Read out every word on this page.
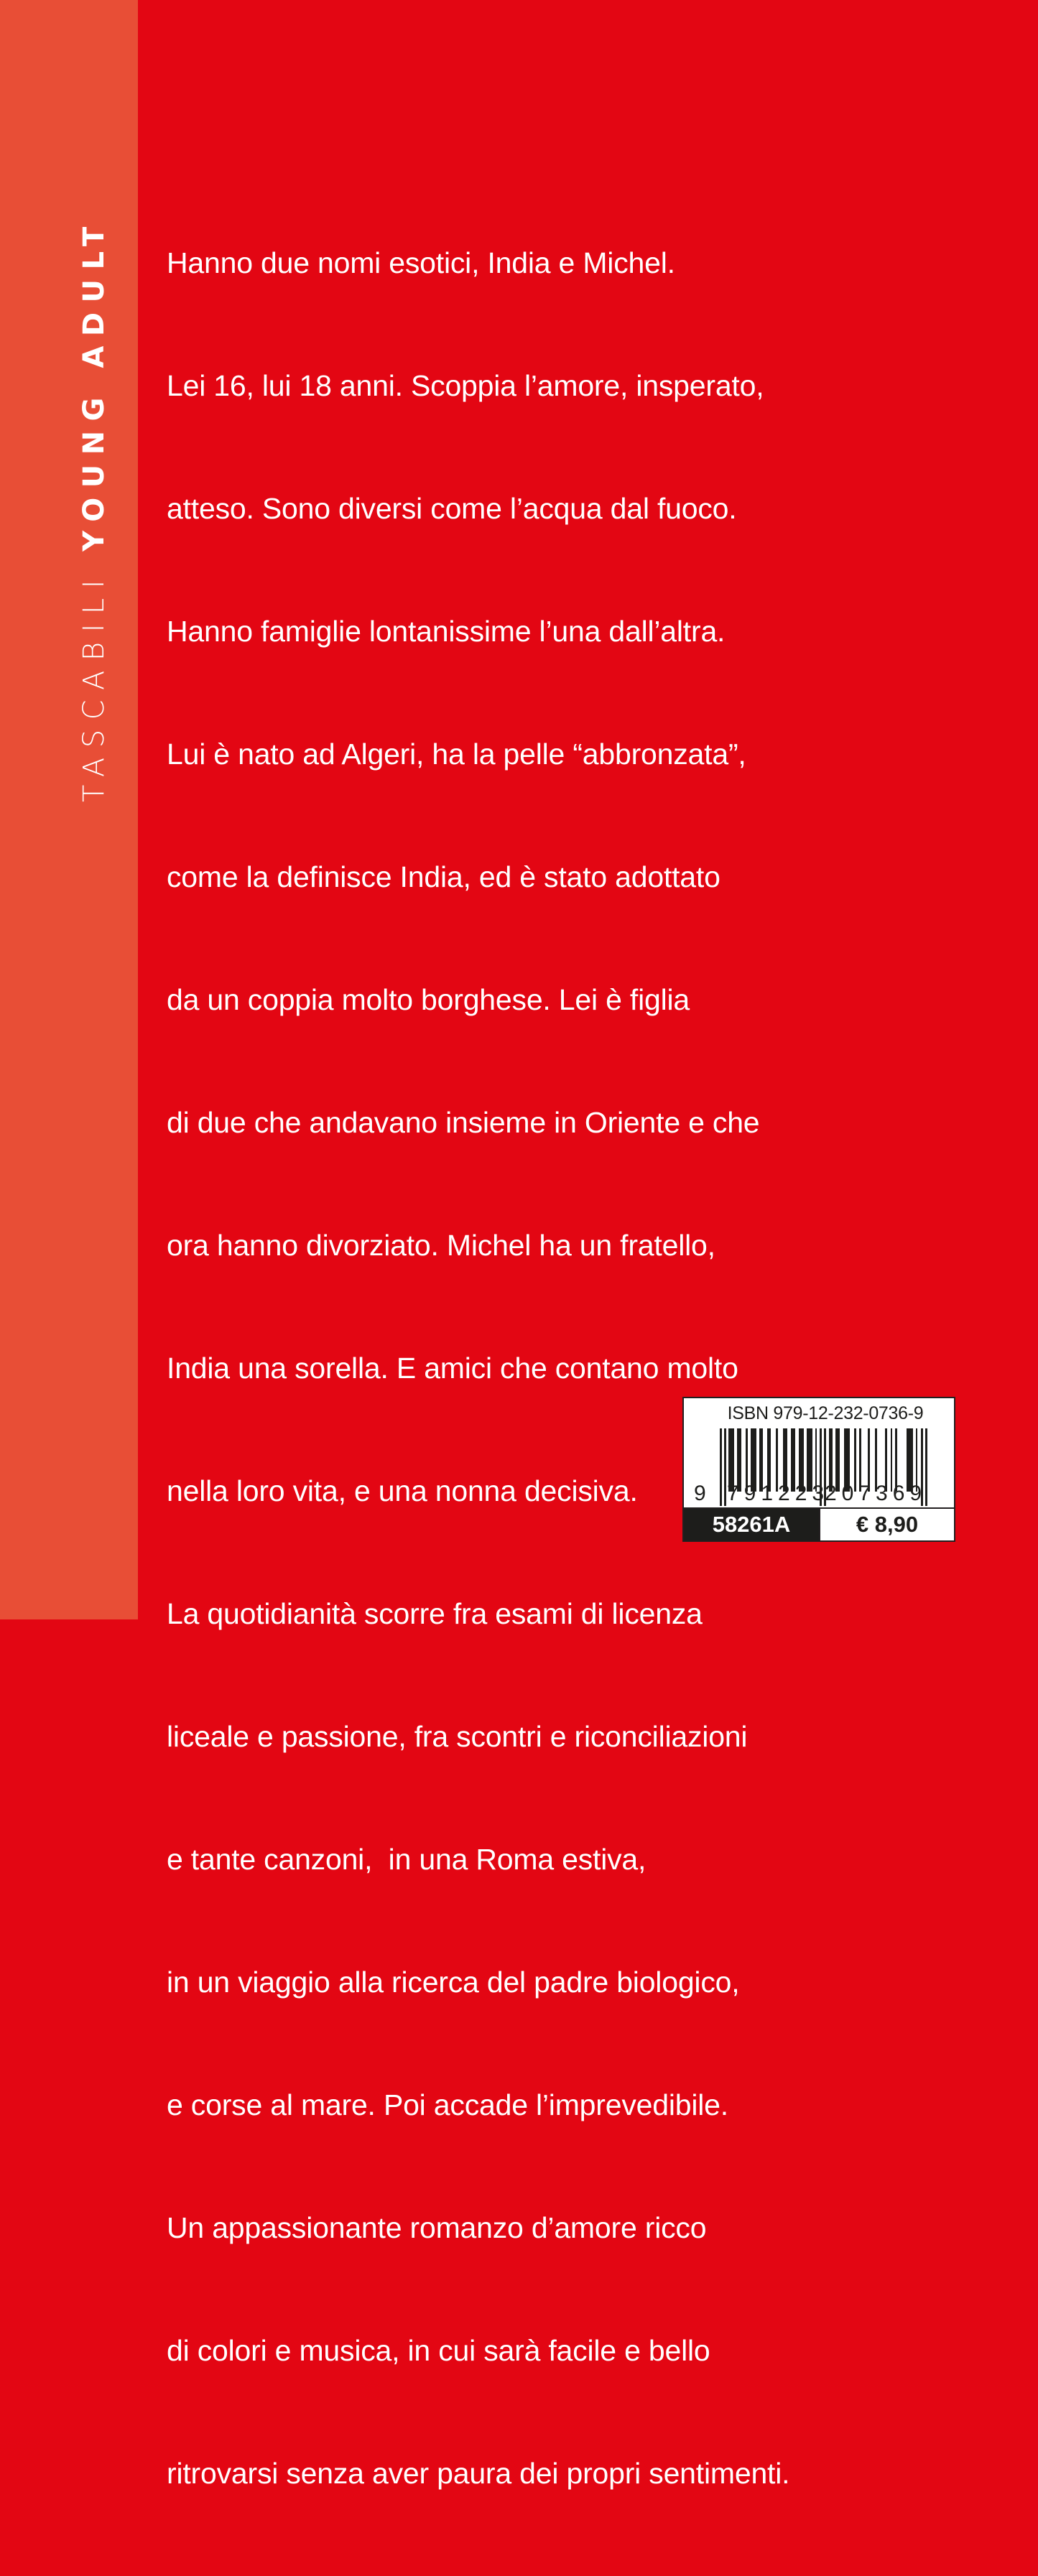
TASCABILI YOUNG ADULT

Hanno due nomi esotici, India e Michel.

Lei 16, lui 18 anni. Scoppia l’amore, insperato,

atteso. Sono diversi come l’acqua dal fuoco.

Hanno famiglie lontanissime l’una dall’altra.

Lui è nato ad Algeri, ha la pelle “abbronzata”,

come la definisce India, ed è stato adottato

da un coppia molto borghese. Lei è figlia

di due che andavano insieme in Oriente e che

ora hanno divorziato. Michel ha un fratello,

India una sorella. E amici che contano molto

nella loro vita, e una nonna decisiva.

La quotidianità scorre fra esami di licenza

liceale e passione, fra scontri e riconciliazioni

e tante canzoni,  in una Roma estiva,

in un viaggio alla ricerca del padre biologico,

e corse al mare. Poi accade l’imprevedibile.

Un appassionante romanzo d’amore ricco

di colori e musica, in cui sarà facile e bello

ritrovarsi senza aver paura dei propri sentimenti.

ISBN 979-12-232-0736-9
9 791223
207369
58261A	€ 8,90
